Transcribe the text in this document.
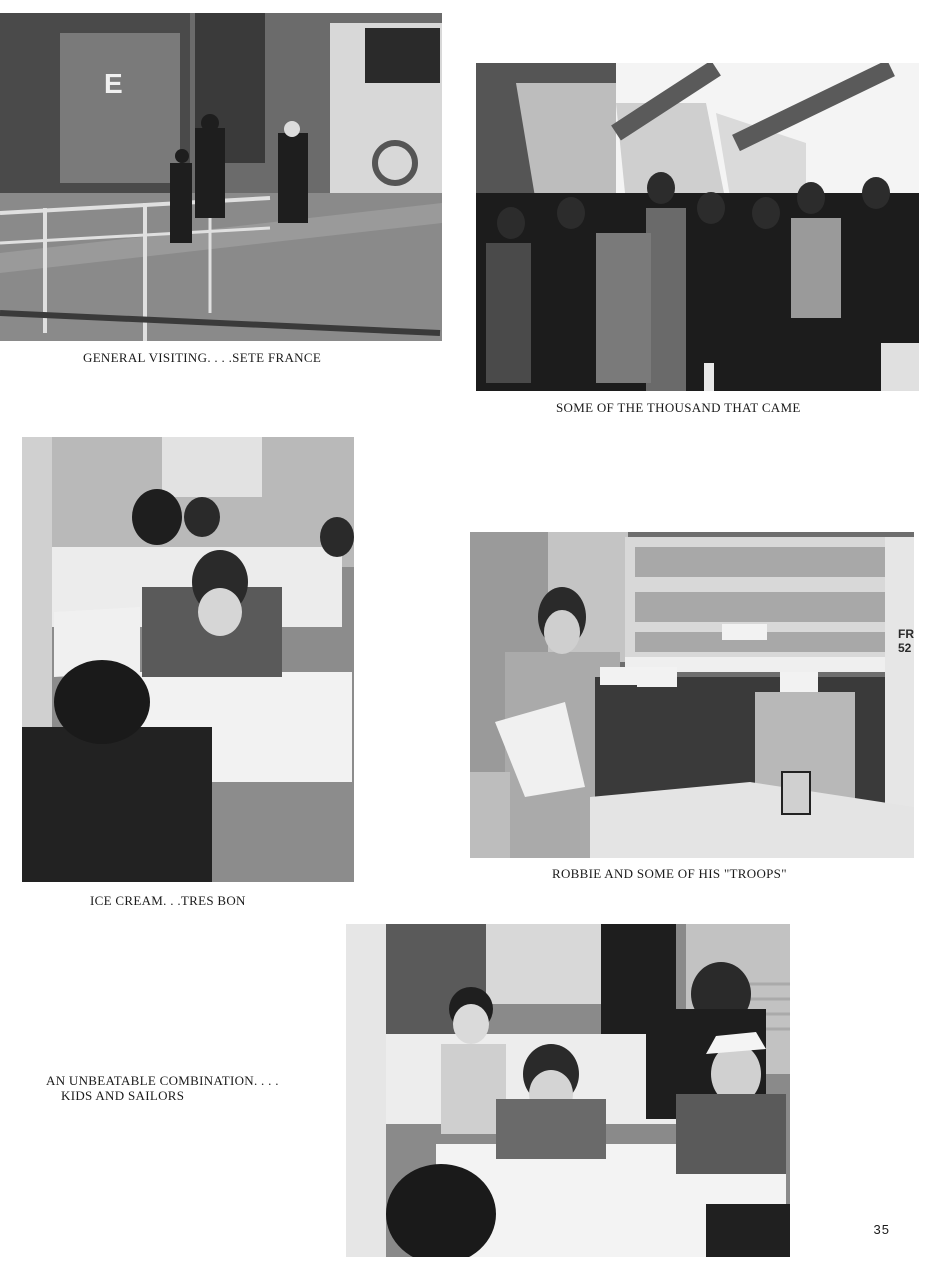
E
GENERAL VISITING. . . .SETE FRANCE
SOME OF THE THOUSAND THAT CAME
ICE CREAM. . .TRES BON
FR 52
ROBBIE AND SOME OF HIS "TROOPS"
AN UNBEATABLE COMBINATION. . . .
KIDS AND SAILORS
35
